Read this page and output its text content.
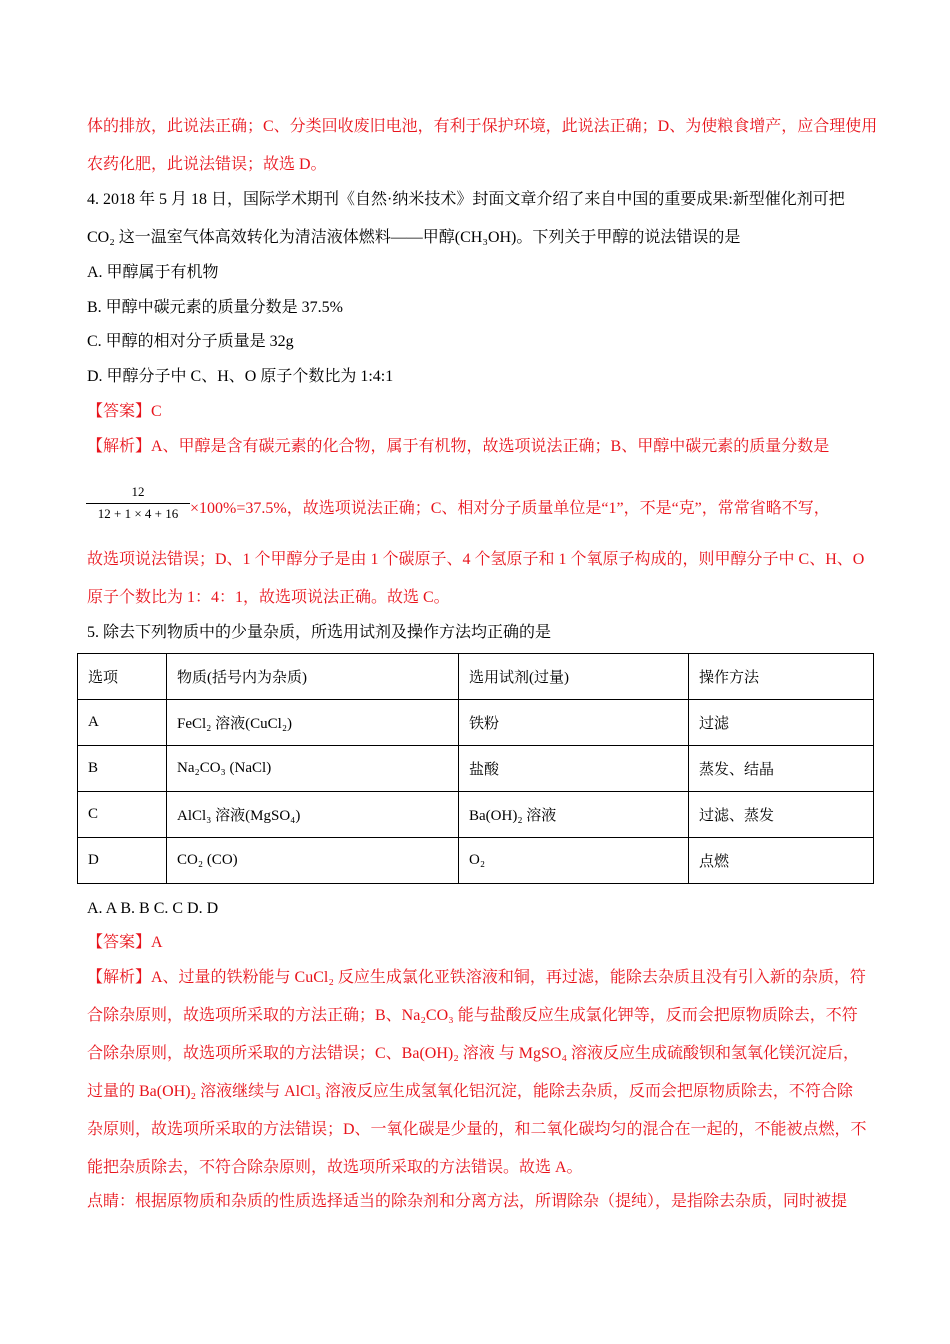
体的排放，此说法正确；C、分类回收废旧电池，有利于保护环境，此说法正确；D、为使粮食增产，应合理使用
农药化肥，此说法错误；故选 D。
4. 2018 年 5 月 18 日，国际学术期刊《自然·纳米技术》封面文章介绍了来自中国的重要成果:新型催化剂可把
CO₂ 这一温室气体高效转化为清洁液体燃料——甲醇(CH₃OH)。下列关于甲醇的说法错误的是
A. 甲醇属于有机物
B. 甲醇中碳元素的质量分数是 37.5%
C. 甲醇的相对分子质量是 32g
D. 甲醇分子中 C、H、O 原子个数比为 1:4:1
【答案】C
【解析】A、甲醇是含有碳元素的化合物，属于有机物，故选项说法正确；B、甲醇中碳元素的质量分数是
12
12 + 1 × 4 + 16 ×100%=37.5%，故选项说法正确；C、相对分子质量单位是“1”，不是“克”，常常省略不写，
故选项说法错误；D、1 个甲醇分子是由 1 个碳原子、4 个氢原子和 1 个氧原子构成的，则甲醇分子中 C、H、O
原子个数比为 1：4：1，故选项说法正确。故选 C。
5. 除去下列物质中的少量杂质，所选用试剂及操作方法均正确的是
选项	物质(括号内为杂质)	选用试剂(过量)	操作方法
A	FeCl₂ 溶液(CuCl₂)	铁粉	过滤
B	Na₂CO₃ (NaCl)	盐酸	蒸发、结晶
C	AlCl₃ 溶液(MgSO₄)	Ba(OH)₂ 溶液	过滤、蒸发
D	CO₂ (CO)	O₂	点燃
A. A B. B C. C D. D
【答案】A
【解析】A、过量的铁粉能与 CuCl₂ 反应生成氯化亚铁溶液和铜，再过滤，能除去杂质且没有引入新的杂质，符
合除杂原则，故选项所采取的方法正确；B、Na₂CO₃ 能与盐酸反应生成氯化钾等，反而会把原物质除去，不符
合除杂原则，故选项所采取的方法错误；C、Ba(OH)₂ 溶液 与 MgSO₄ 溶液反应生成硫酸钡和氢氧化镁沉淀后，
过量的 Ba(OH)₂ 溶液继续与 AlCl₃ 溶液反应生成氢氧化铝沉淀，能除去杂质，反而会把原物质除去，不符合除
杂原则，故选项所采取的方法错误；D、一氧化碳是少量的，和二氧化碳均匀的混合在一起的，不能被点燃，不
能把杂质除去，不符合除杂原则，故选项所采取的方法错误。故选 A。
点睛：根据原物质和杂质的性质选择适当的除杂剂和分离方法，所谓除杂（提纯），是指除去杂质，同时被提
